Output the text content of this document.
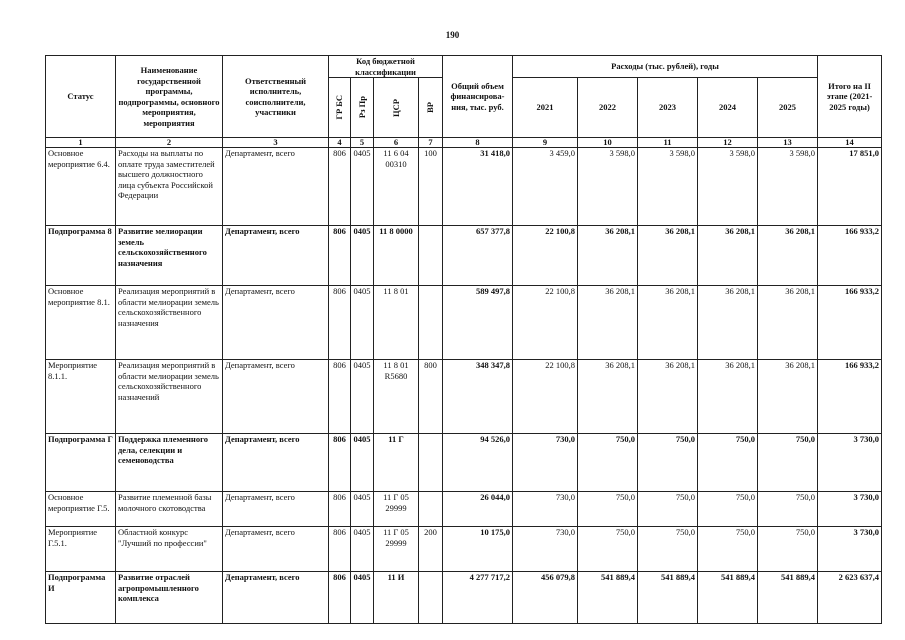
190
Статус	Наименование государственной программы, подпрограммы, основного мероприятия, мероприятия	Ответственный исполнитель, соисполнители, участники	Код бюджетной классификации				Общий объем финансирова-ния, тыс. руб.	Расходы (тыс. рублей), годы					Итого на II этапе (2021-2025 годы)

			ГР БС	Рз Пр	ЦСР	ВР		2021	2022	2023	2024	2025	
1	2	3	4	5	6	7	8	9	10	11	12	13	14
Основное мероприятие 6.4.	Расходы на выплаты по оплате труда заместителей высшего должностного лица субъекта Российской Федерации	Департамент, всего	806	0405	11 6 04 00310	100	31 418,0	3 459,0	3 598,0	3 598,0	3 598,0	3 598,0	17 851,0
Подпрограмма 8	Развитие мелиорации земель сельскохозяйственного назначения	Департамент, всего	806	0405	11 8 0000		657 377,8	22 100,8	36 208,1	36 208,1	36 208,1	36 208,1	166 933,2
Основное мероприятие 8.1.	Реализация мероприятий в области мелиорации земель сельскохозяйственного назначения	Департамент, всего	806	0405	11 8 01		589 497,8	22 100,8	36 208,1	36 208,1	36 208,1	36 208,1	166 933,2
Мероприятие 8.1.1.	Реализация мероприятий в области мелиорации земель сельскохозяйственного назначений	Департамент, всего	806	0405	11 8 01 R5680	800	348 347,8	22 100,8	36 208,1	36 208,1	36 208,1	36 208,1	166 933,2
Подпрограмма Г	Поддержка племенного дела, селекции и семеноводства	Департамент, всего	806	0405	11 Г		94 526,0	730,0	750,0	750,0	750,0	750,0	3 730,0
Основное мероприятие Г.5.	Развитие племенной базы молочного скотоводства	Департамент, всего	806	0405	11 Г 05 29999		26 044,0	730,0	750,0	750,0	750,0	750,0	3 730,0
Мероприятие Г.5.1.	Областной конкурс "Лучший по профессии"	Департамент, всего	806	0405	11 Г 05 29999	200	10 175,0	730,0	750,0	750,0	750,0	750,0	3 730,0
Подпрограмма И	Развитие отраслей агропромышленного комплекса	Департамент, всего	806	0405	11 И		4 277 717,2	456 079,8	541 889,4	541 889,4	541 889,4	541 889,4	2 623 637,4
